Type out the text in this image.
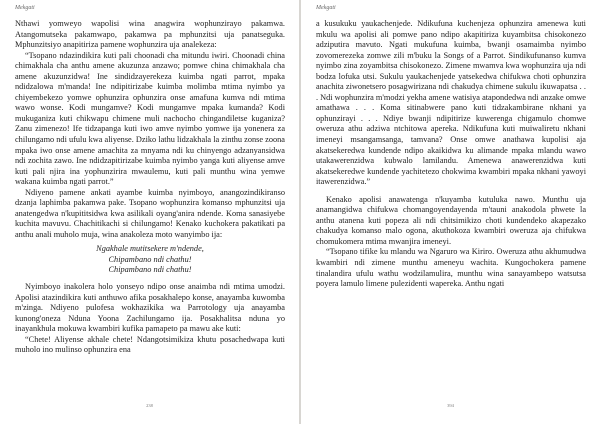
Mekgati

Nthawi yomweyo wapolisi wina anagwira wophunzirayo pakamwa. Atangomutseka pakamwapo, pakamwa pa mphunzitsi uja panatseguka. Mphunzitsiyo anapitiriza pamene wophunzira uja analekeza:

“Tsopano ndazindikira kuti pali choonadi cha mitundu iwiri. Choonadi china chimakhala cha anthu amene akuzunza anzawo; pomwe china chimakhala cha amene akuzunzidwa! Ine sindidzayerekeza kuimba ngati parrot, mpaka ndidzalowa m'manda! Ine ndipitirizabe kuimba molimba mtima nyimbo ya chiyembekezo yomwe ophunzira ophunzira onse amafuna kumva ndi mtima wawo wonse. Kodi mungamve? Kodi mungamve mpaka kumanda? Kodi mukuganiza kuti chikwapu chimene muli nachocho chingandiletse kuganiza? Zanu zimenezo! Ife tidzapanga kuti iwo amve nyimbo yomwe ija yonenera za chilungamo ndi ufulu kwa aliyense. Dziko lathu lidzakhala la zinthu zonse zoona mpaka iwo onse amene amachita za mnyama ndi ku chinyengo adzanyansidwa ndi zochita zawo. Ine ndidzapitirizabe kuimba nyimbo yanga kuti aliyense amve kuti pali njira ina yophunzirira mwaulemu, kuti pali munthu wina yemwe wakana kuimba ngati parrot.”

Ndiyeno pamene ankati ayambe kuimba nyimboyo, anangozindikiranso dzanja laphimba pakamwa pake. Tsopano wophunzira komanso mphunzitsi uja anatengedwa n'kupititsidwa kwa asilikali oyang'anira ndende. Koma sanasiyebe kuchita mavuvu. Chachitikachi si chilungamo! Kenako kuchokera pakatikati pa anthu anali muholo muja, wina anakoleza moto wanyimbo ija:

Ngakhale mutitsekere m'ndende,
Chipambano ndi chathu!
Chipambano ndi chathu!

Nyimboyo inakolera holo yonseyo ndipo onse anaimba ndi mtima umodzi. Apolisi atazindikira kuti anthuwo afika posakhalepo konse, anayamba kuwomba m'zinga. Ndiyeno pulofesa wokhazikika wa Parrotology uja anayamba kunong'oneza Nduna Yoona Zachilungamo ija. Posakhalitsa nduna yo inayankhula mokuwa kwambiri kufika pamapeto pa mawu ake kuti:

“Chete! Aliyense akhale chete! Ndangotsimikiza khutu posachedwapa kuti muholo ino mulinso ophunzira ena

238
Mekgati

a kusukuku yaukachenjede. Ndikufuna kuchenjeza ophunzira amenewa kuti mkulu wa apolisi ali pomwe pano ndipo akapitiriza kuyambitsa chisokonezo adziputira mavuto. Ngati mukufuna kuimba, bwanji osamaimba nyimbo zovomerezeka zomwe zili m'buku la Songs of a Parrot. Sindikufunanso kumva nyimbo zina zoyambitsa chisokonezo. Zimene mwamva kwa wophunzira uja ndi bodza lofuka utsi. Sukulu yaukachenjede yatsekedwa chifukwa choti ophunzira anachita ziwonetsero posagwirizana ndi chakudya chimene sukulu ikuwapatsa . . . Ndi wophunzira m'modzi yekha amene watisiya atapondedwa ndi anzake omwe amathawa . . . Koma sitinabwere pano kuti tidzakambirane nkhani ya ophunzirayi . . . Ndiye bwanji ndipitirize kuwerenga chigamulo chomwe oweruza athu adziwa ntchitowa apereka. Ndikufuna kuti muiwaliretu nkhani imeneyi msangamsanga, tamvana? Onse omwe anathawa kupolisi aja akatsekeredwa kundende ndipo akaikidwa ku alimande mpaka mlandu wawo utakawerenzidwa kubwalo lamilandu. Amenewa anawerenzidwa kuti akatsekeredwe kundende yachitetezo chokwima kwambiri mpaka nkhani yawoyi itawerenzidwa.”

Kenako apolisi anawatenga n'kuyamba kutuluka nawo. Munthu uja anamangidwa chifukwa chomangoyendayenda m'tauni anakodola phwete la anthu atanena kuti popeza ali ndi chitsimikizo choti kundendeko akapezako chakudya komanso malo ogona, akuthokoza kwambiri oweruza aja chifukwa chomukomera mtima mwanjira imeneyi.

“Tsopano tifike ku mlandu wa Ngaruro wa Kiriro. Oweruza athu akhumudwa kwambiri ndi zimene munthu ameneyu wachita. Kungochokera pamene tinalandira ufulu wathu wodzilamulira, munthu wina sanayambepo watsutsa poyera lamulo limene pulezidenti wapereka. Anthu ngati

394
